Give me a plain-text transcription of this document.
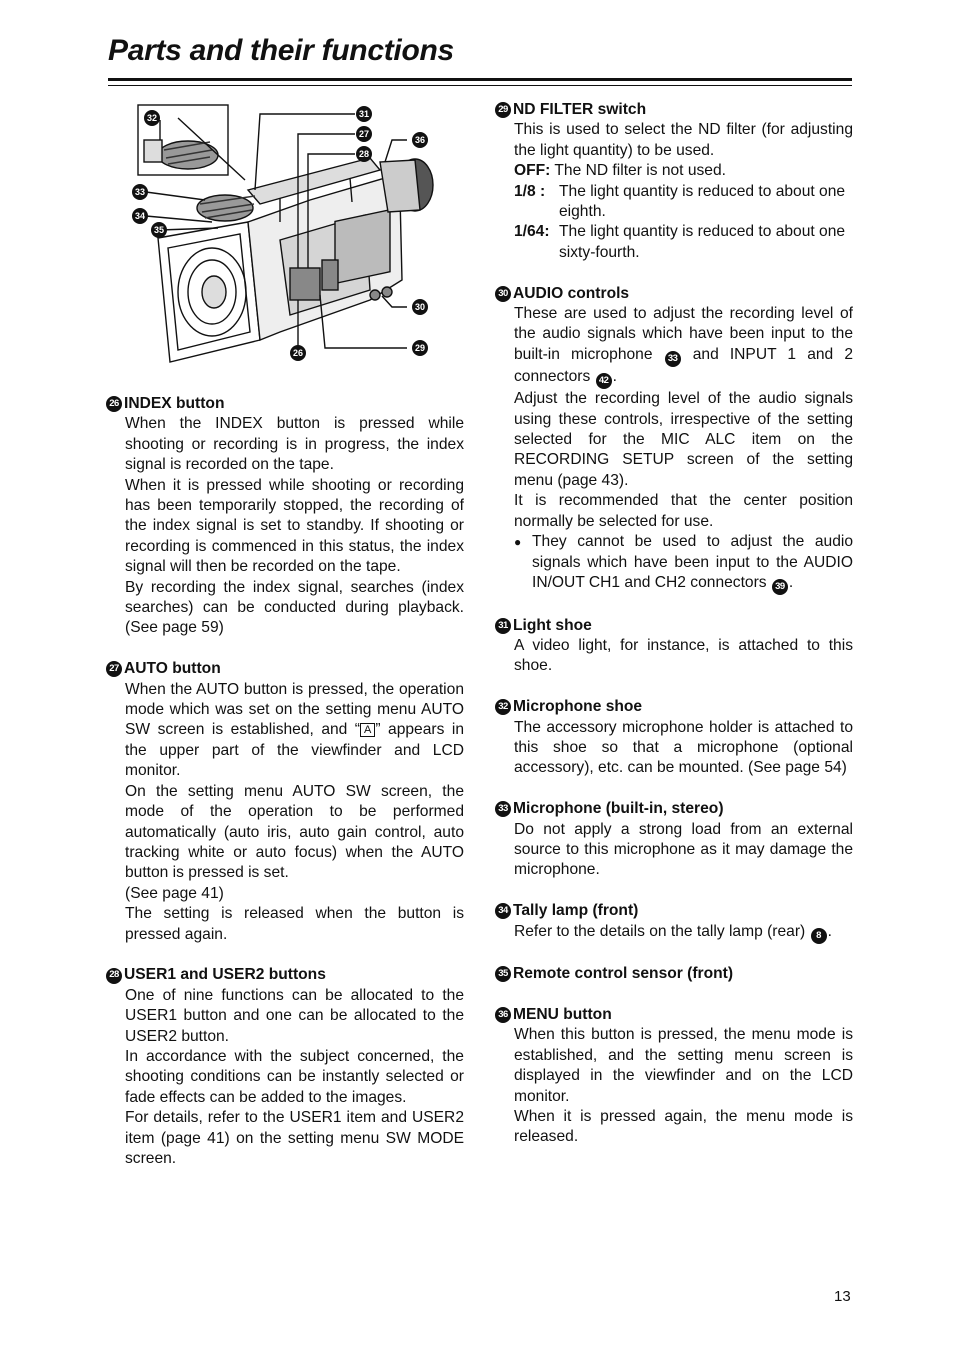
Parts and their functions
32	31
27
28
36
33
34
35
30
29
26
26 INDEX button

When the INDEX button is pressed while shooting or recording is in progress, the index signal is recorded on the tape.

When it is pressed while shooting or recording has been temporarily stopped, the recording of the index signal is set to standby. If shooting or recording is commenced in this status, the index signal will then be recorded on the tape.

By recording the index signal, searches (index searches) can be conducted during playback. (See page 59)

27 AUTO button

When the AUTO button is pressed, the operation mode which was set on the setting menu AUTO SW screen is established, and “ A ” appears in the upper part of the viewfinder and LCD monitor.

On the setting menu AUTO SW screen, the mode of the operation to be performed automatically (auto iris, auto gain control, auto tracking white or auto focus) when the AUTO button is pressed is set.

(See page 41)

The setting is released when the button is pressed again.

28 USER1 and USER2 buttons

One of nine functions can be allocated to the USER1 button and one can be allocated to the USER2 button.

In accordance with the subject concerned, the shooting conditions can be instantly selected or fade effects can be added to the images.

For details, refer to the USER1 item and USER2 item (page 41) on the setting menu SW MODE screen.

29 ND FILTER switch

This is used to select the ND filter (for adjusting the light quantity) to be used.

OFF: The ND filter is not used.
1/8 : The light quantity is reduced to about one eighth.
1/64: The light quantity is reduced to about one sixty-fourth.
30 AUDIO controls

These are used to adjust the recording level of the audio signals which have been input to the built-in microphone 33 and INPUT 1 and 2 connectors 42 .

Adjust the recording level of the audio signals using these controls, irrespective of the setting selected for the MIC ALC item on the RECORDING SETUP screen of the setting menu (page 43).

It is recommended that the center position normally be selected for use.

● They cannot be used to adjust the audio signals which have been input to the AUDIO IN/OUT CH1 and CH2 connectors 39 .
31 Light shoe

A video light, for instance, is attached to this shoe.

32 Microphone shoe

The accessory microphone holder is attached to this shoe so that a microphone (optional accessory), etc. can be mounted. (See page 54)

33 Microphone (built-in, stereo)

Do not apply a strong load from an external source to this microphone as it may damage the microphone.

34 Tally lamp (front)

Refer to the details on the tally lamp (rear) 8 .

35 Remote control sensor (front)
36 MENU button

When this button is pressed, the menu mode is established, and the setting menu screen is displayed in the viewfinder and on the LCD monitor.

When it is pressed again, the menu mode is released.

13
